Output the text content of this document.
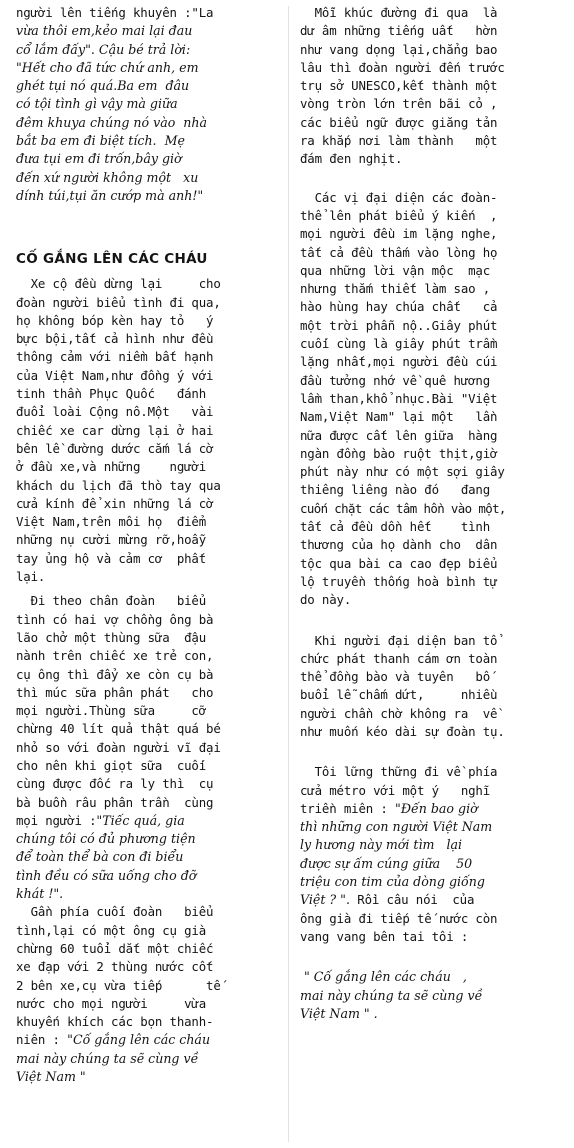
người lên tiếng khuyên :"La
vừa thôi em,kẻo mai lại đau
cổ lắm đấy". Cậu bé trả lời:
"Hết cho đã tức chứ anh, em
ghét tụi nó quá.Ba em  đâu
có tội tình gì vậy mà giữa
đêm khuya chúng nó vào  nhà
bắt ba em đi biệt tích.  Mẹ
đưa tụi em đi trốn,bây giờ
đến xứ người không một   xu
dính túi,tụi ăn cướp mà anh!"
CỐ GẮNG LÊN CÁC CHÁU
Xe cộ đều dừng lại     cho
đoàn người biểu tình đi qua,
họ không bóp kèn hay tỏ   ý
bực bội,tất cả hình như đều
thông cảm với niềm bất hạnh
của Việt Nam,như đồng ý với
tinh thần Phục Quốc   đánh
đuổi loài Cộng nô.Một   vài
chiếc xe car dừng lại ở hai
bên lề đường dước cắm lá cờ
ở đầu xe,và những    người
khách du lịch đã thò tay qua
cửa kính để xin những lá cờ
Việt Nam,trên môi họ  điểm
những nụ cười mừng rỡ,hoẫy
tay ủng hộ và cảm cơ  phất
lại.
Đi theo chân đoàn   biểu
tình có hai vợ chồng ông bà
lão chở một thùng sữa  đậu
nành trên chiếc xe trẻ con,
cụ ông thì đẩy xe còn cụ bà
thì múc sữa phân phát   cho
mọi người.Thùng sữa     cỡ
chừng 40 lít quả thật quá bé
nhỏ so với đoàn người vĩ đại
cho nên khi giọt sữa  cuối
cùng được đốc ra ly thì  cụ
bà buồn râu phân trần  cùng
mọi người :"Tiếc quá, gia
chúng tôi có đủ phương tiện
để toàn thể bà con đi biểu
tình đều có sữa uống cho đỡ
khát !".
Gần phía cuối đoàn   biểu
tình,lại có một ông cụ già
chừng 60 tuổi dắt một chiếc
xe đạp với 2 thùng nước cốt
2 bên xe,cụ vừa tiếp      tế
nước cho mọi người     vừa
khuyến khích các bọn thanh-
niên : "Cố gắng lên các cháu
mai này chúng ta sẽ cùng về
Việt Nam "
Mỗi khúc đường đi qua  là
dư âm những tiếng uất   hờn
như vang dọng lại,chẳng bao
lâu thì đoàn người đến trước
trụ sở UNESCO,kết thành một
vòng tròn lớn trên bãi cỏ ,
các biểu ngữ được giăng tản
ra khắp nơi làm thành   một
đám đen nghịt.
Các vị đại diện các đoàn-
thể lên phát biểu ý kiến  ,
mọi người đều im lặng nghe,
tất cả đều thấm vào lòng họ
qua những lời vận mộc  mạc
nhưng thắm thiết làm sao ,
hào hùng hay chúa chất   cả
một trời phẫn nộ..Giây phút
cuối cùng là giây phút trầm
lặng nhất,mọi người đều cúi
đầu tưởng nhớ về quê hương
lầm than,khổ nhục.Bài "Việt
Nam,Việt Nam" lại một   lần
nữa được cất lên giữa  hàng
ngàn đồng bào ruột thịt,giờ
phút này như có một sợi giây
thiêng liêng nào đó   đang
cuốn chặt các tâm hồn vào một,
tất cả đều dồn hết    tình
thương của họ dành cho  dân
tộc qua bài ca cao đẹp biểu
lộ truyền thống hoà bình tự
do này.
Khi người đại diện ban tổ
chức phát thanh cám ơn toàn
thể đồng bào và tuyên   bố
buổi lễ chấm dứt,     nhiều
người chần chờ không ra  về
như muốn kéo dài sự đoàn tụ.
Tôi lững thững đi về phía
cửa métro với một ý   nghĩ
triền miên : "Đến bao giờ
thì những con người Việt Nam
ly hương này mới tìm   lại
được sự ấm cúng giữa    50
triệu con tim của dòng giống
Việt ? ". Rồi câu nói  của
ông già đi tiếp tế nước còn
vang vang bên tai tôi :
" Cố gắng lên các cháu   ,
mai này chúng ta sẽ cùng về
Việt Nam " .
